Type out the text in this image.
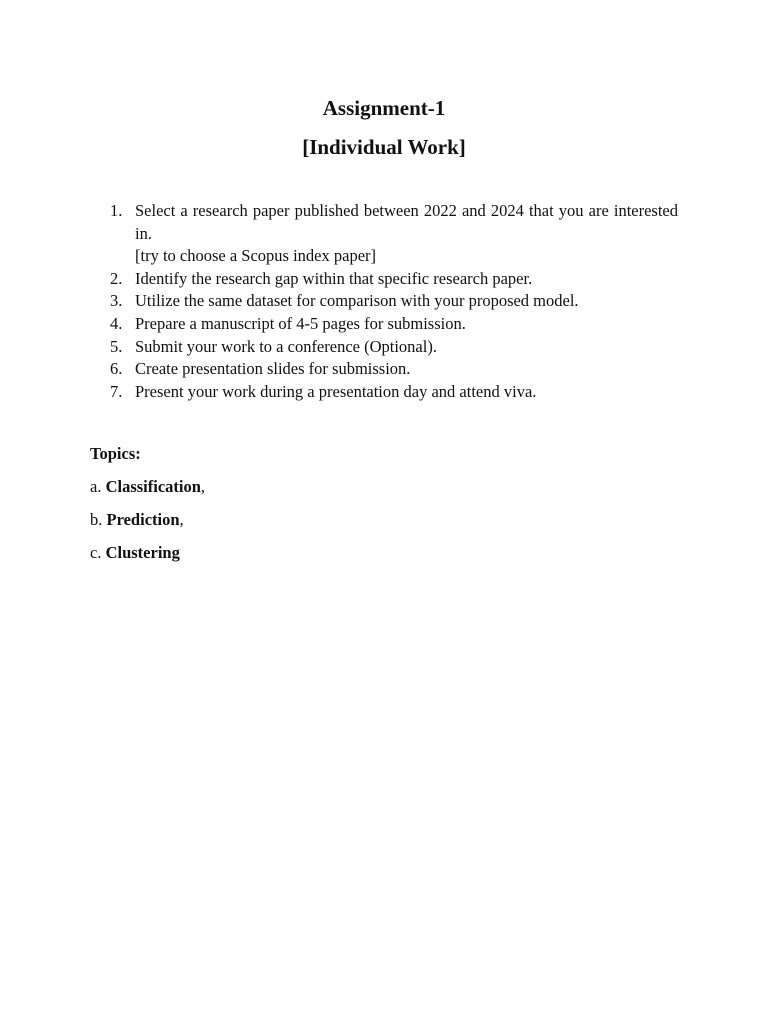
Assignment-1
[Individual Work]
1. Select a research paper published between 2022 and 2024 that you are interested in.
[try to choose a Scopus index paper]
2. Identify the research gap within that specific research paper.
3. Utilize the same dataset for comparison with your proposed model.
4. Prepare a manuscript of 4-5 pages for submission.
5. Submit your work to a conference (Optional).
6. Create presentation slides for submission.
7. Present your work during a presentation day and attend viva.
Topics:
a. Classification,
b. Prediction,
c. Clustering
